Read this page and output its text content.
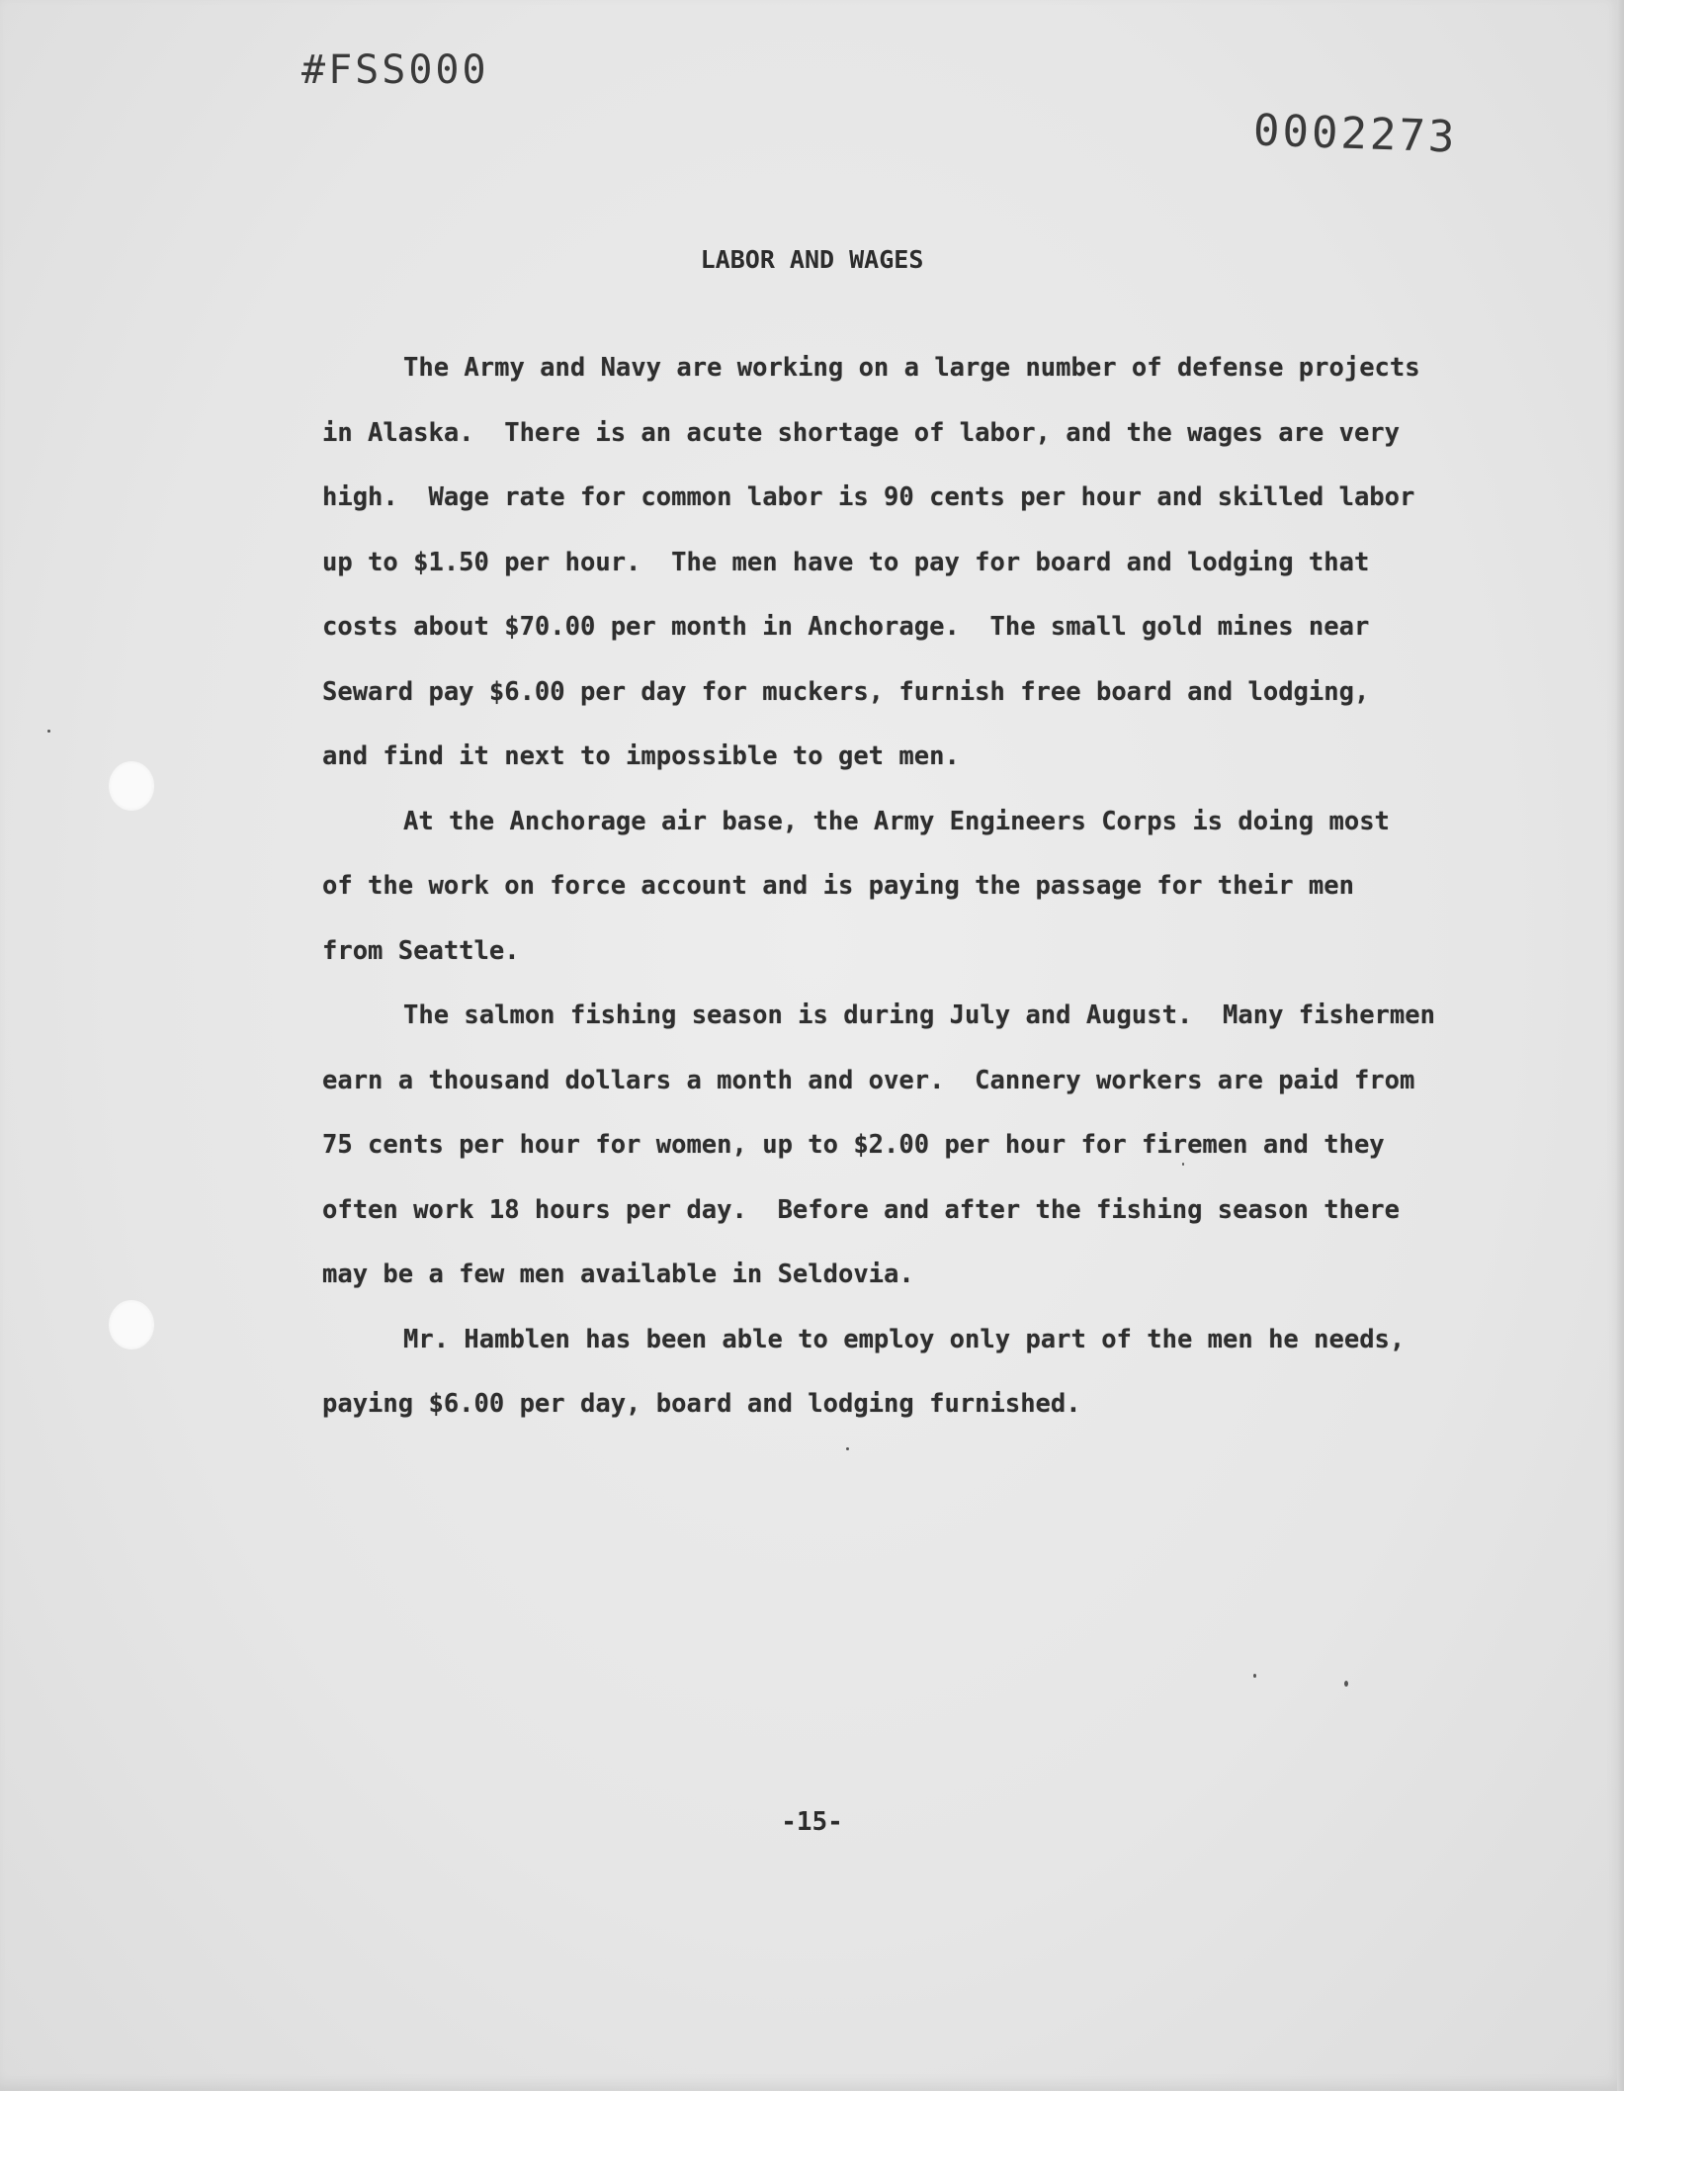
#FSS000
0002273
LABOR AND WAGES
The Army and Navy are working on a large number of defense projects
in Alaska.  There is an acute shortage of labor, and the wages are very
high.  Wage rate for common labor is 90 cents per hour and skilled labor
up to $1.50 per hour.  The men have to pay for board and lodging that
costs about $70.00 per month in Anchorage.  The small gold mines near
Seward pay $6.00 per day for muckers, furnish free board and lodging,
and find it next to impossible to get men.
At the Anchorage air base, the Army Engineers Corps is doing most
of the work on force account and is paying the passage for their men
from Seattle.
The salmon fishing season is during July and August.  Many fishermen
earn a thousand dollars a month and over.  Cannery workers are paid from
75 cents per hour for women, up to $2.00 per hour for firemen and they
often work 18 hours per day.  Before and after the fishing season there
may be a few men available in Seldovia.
Mr. Hamblen has been able to employ only part of the men he needs,
paying $6.00 per day, board and lodging furnished.
-15-
